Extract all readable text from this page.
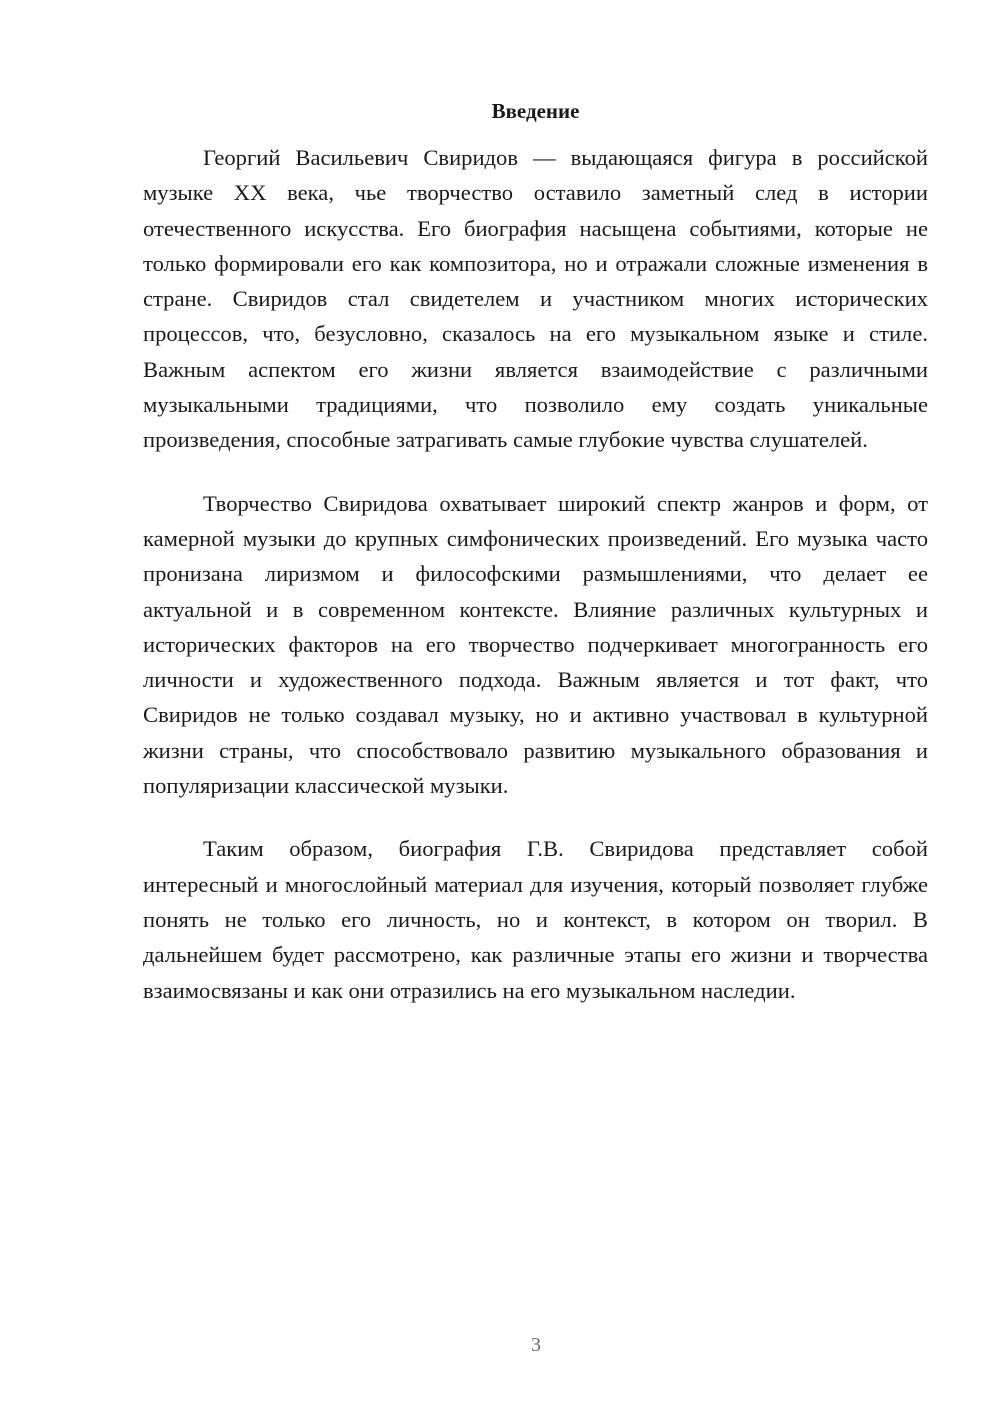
Введение

Георгий Васильевич Свиридов — выдающаяся фигура в российской музыке XX века, чье творчество оставило заметный след в истории отечественного искусства. Его биография насыщена событиями, которые не только формировали его как композитора, но и отражали сложные изменения в стране. Свиридов стал свидетелем и участником многих исторических процессов, что, безусловно, сказалось на его музыкальном языке и стиле. Важным аспектом его жизни является взаимодействие с различными музыкальными традициями, что позволило ему создать уникальные произведения, способные затрагивать самые глубокие чувства слушателей.

Творчество Свиридова охватывает широкий спектр жанров и форм, от камерной музыки до крупных симфонических произведений. Его музыка часто пронизана лиризмом и философскими размышлениями, что делает ее актуальной и в современном контексте. Влияние различных культурных и исторических факторов на его творчество подчеркивает многогранность его личности и художественного подхода. Важным является и тот факт, что Свиридов не только создавал музыку, но и активно участвовал в культурной жизни страны, что способствовало развитию музыкального образования и популяризации классической музыки.

Таким образом, биография Г.В. Свиридова представляет собой интересный и многослойный материал для изучения, который позволяет глубже понять не только его личность, но и контекст, в котором он творил. В дальнейшем будет рассмотрено, как различные этапы его жизни и творчества взаимосвязаны и как они отразились на его музыкальном наследии.

3
